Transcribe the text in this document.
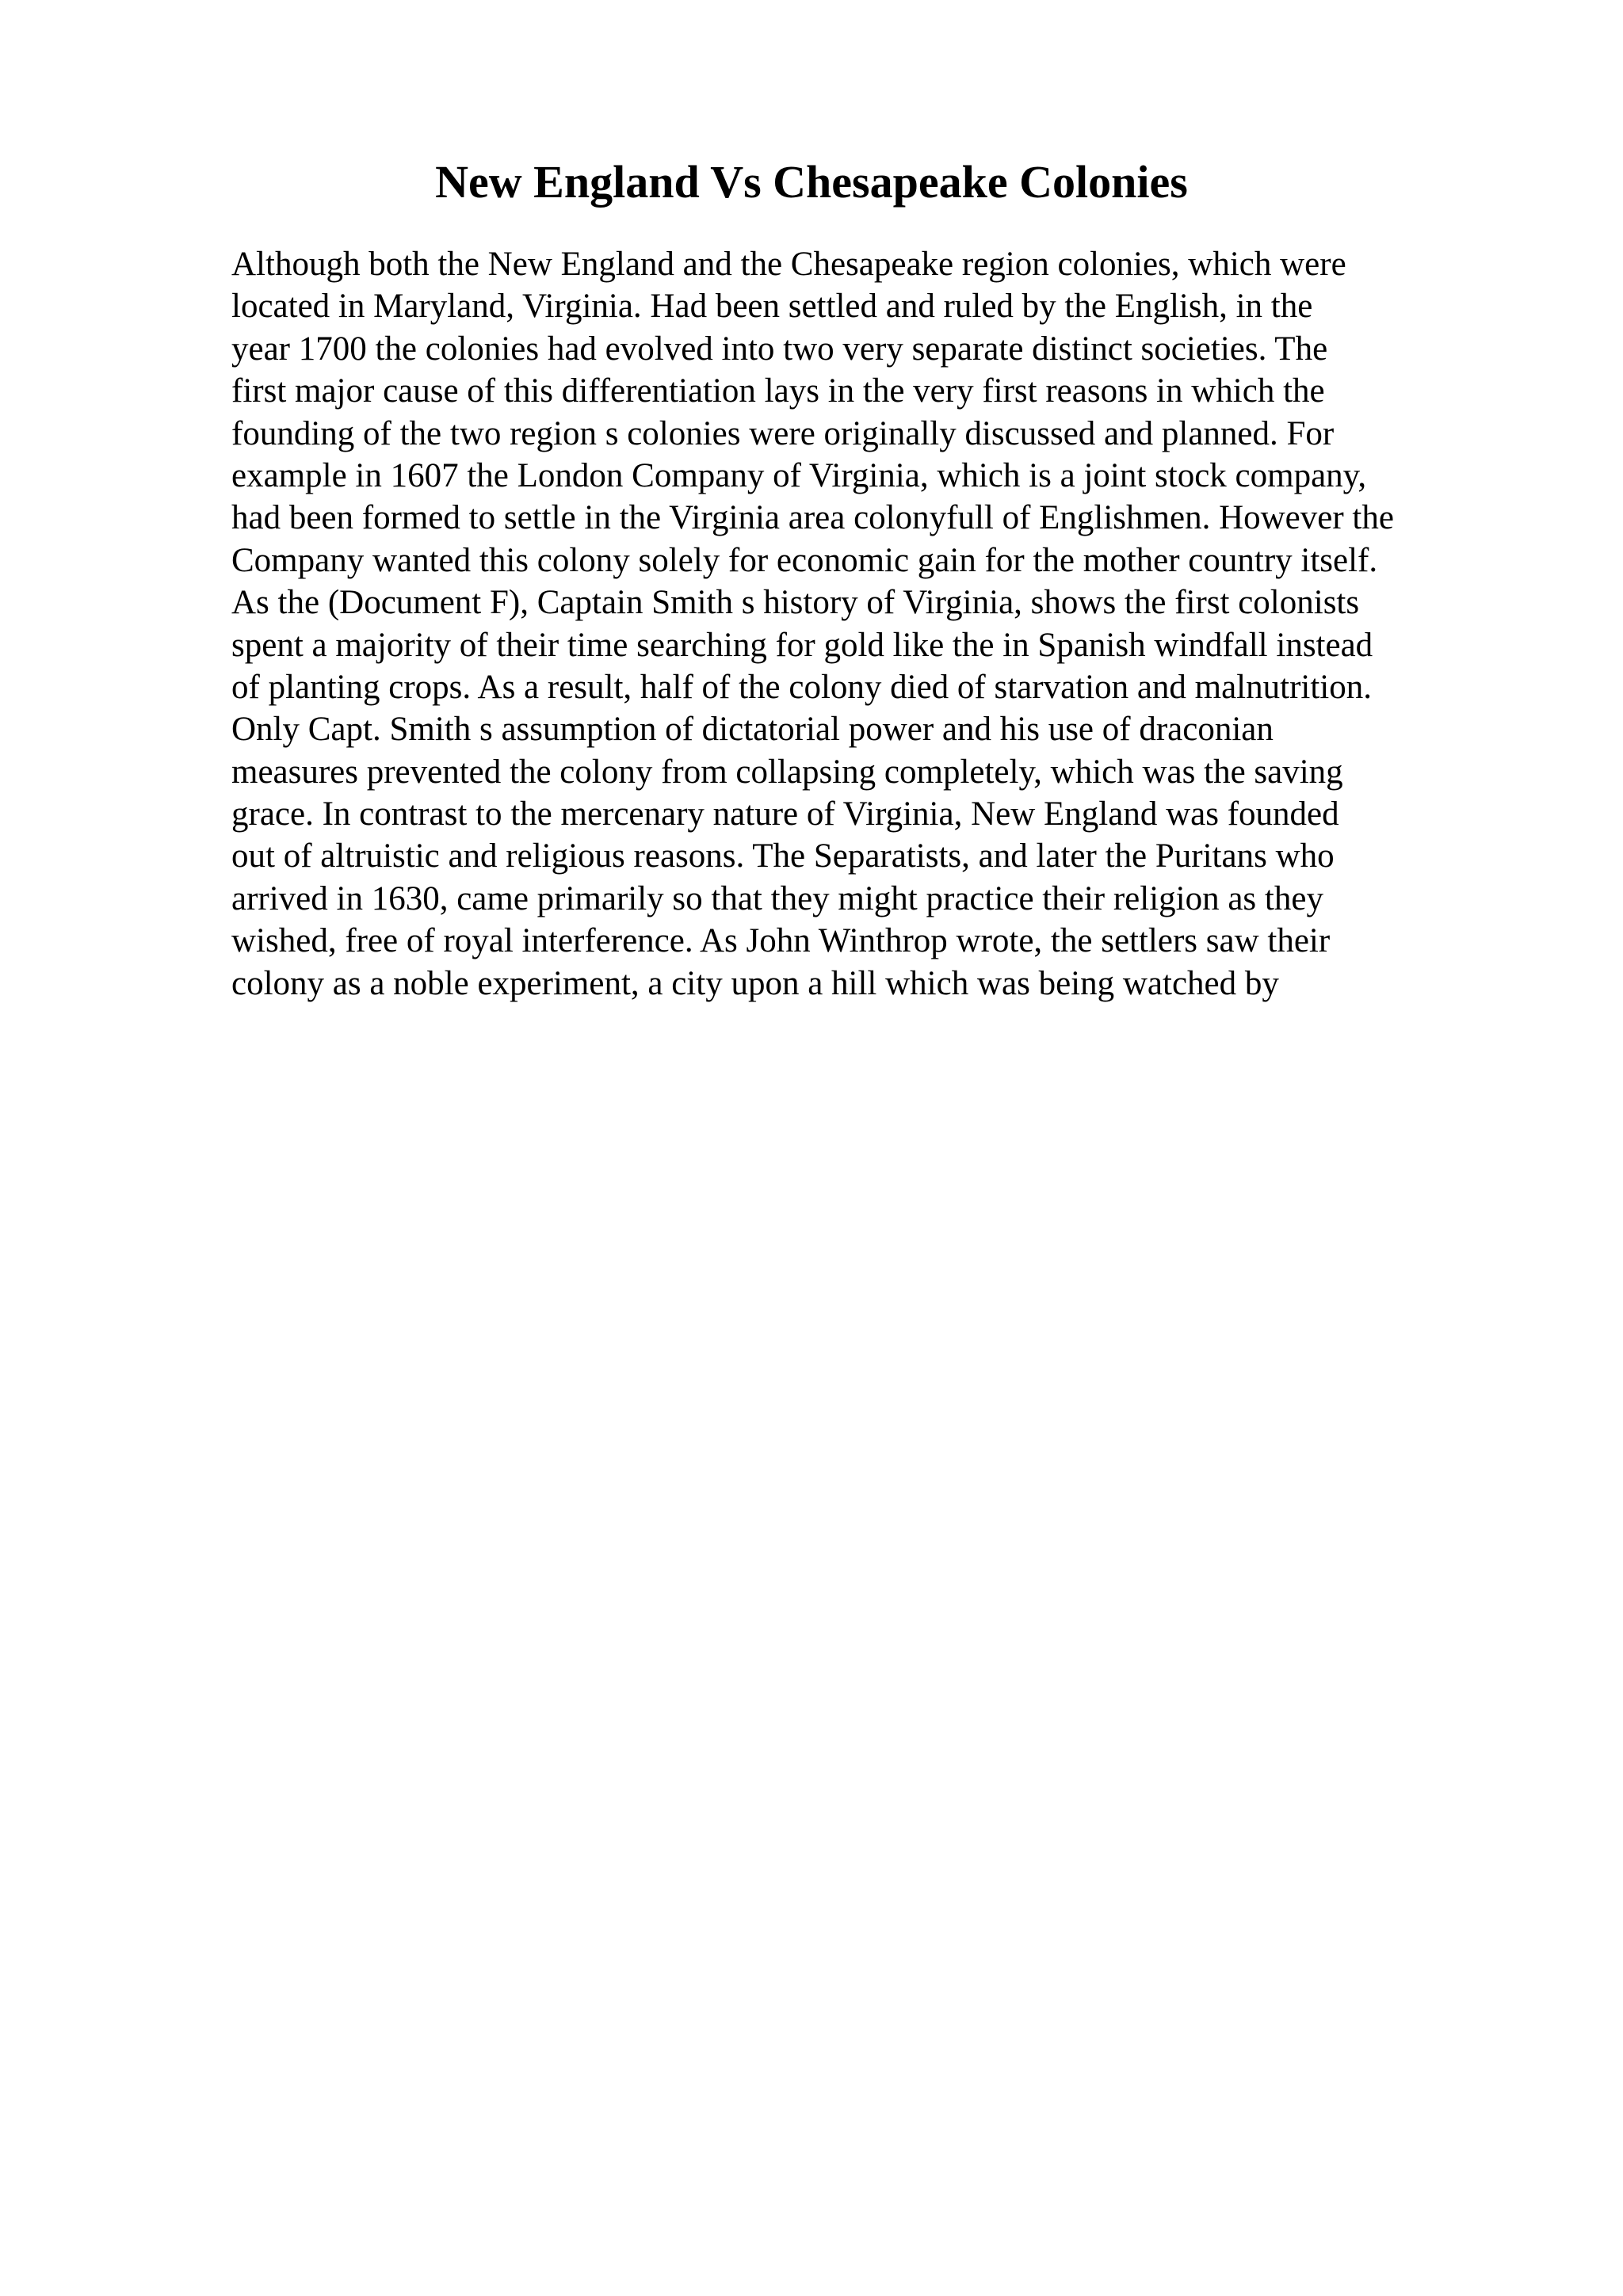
New England Vs Chesapeake Colonies
Although both the New England and the Chesapeake region colonies, which were
located in Maryland, Virginia. Had been settled and ruled by the English, in the
year 1700 the colonies had evolved into two very separate distinct societies. The
first major cause of this differentiation lays in the very first reasons in which the
founding of the two region s colonies were originally discussed and planned. For
example in 1607 the London Company of Virginia, which is a joint stock company,
had been formed to settle in the Virginia area colonyfull of Englishmen. However the
Company wanted this colony solely for economic gain for the mother country itself.
As the (Document F), Captain Smith s history of Virginia, shows the first colonists
spent a majority of their time searching for gold like the in Spanish windfall instead
of planting crops. As a result, half of the colony died of starvation and malnutrition.
Only Capt. Smith s assumption of dictatorial power and his use of draconian
measures prevented the colony from collapsing completely, which was the saving
grace. In contrast to the mercenary nature of Virginia, New England was founded
out of altruistic and religious reasons. The Separatists, and later the Puritans who
arrived in 1630, came primarily so that they might practice their religion as they
wished, free of royal interference. As John Winthrop wrote, the settlers saw their
colony as a noble experiment, a city upon a hill which was being watched by
